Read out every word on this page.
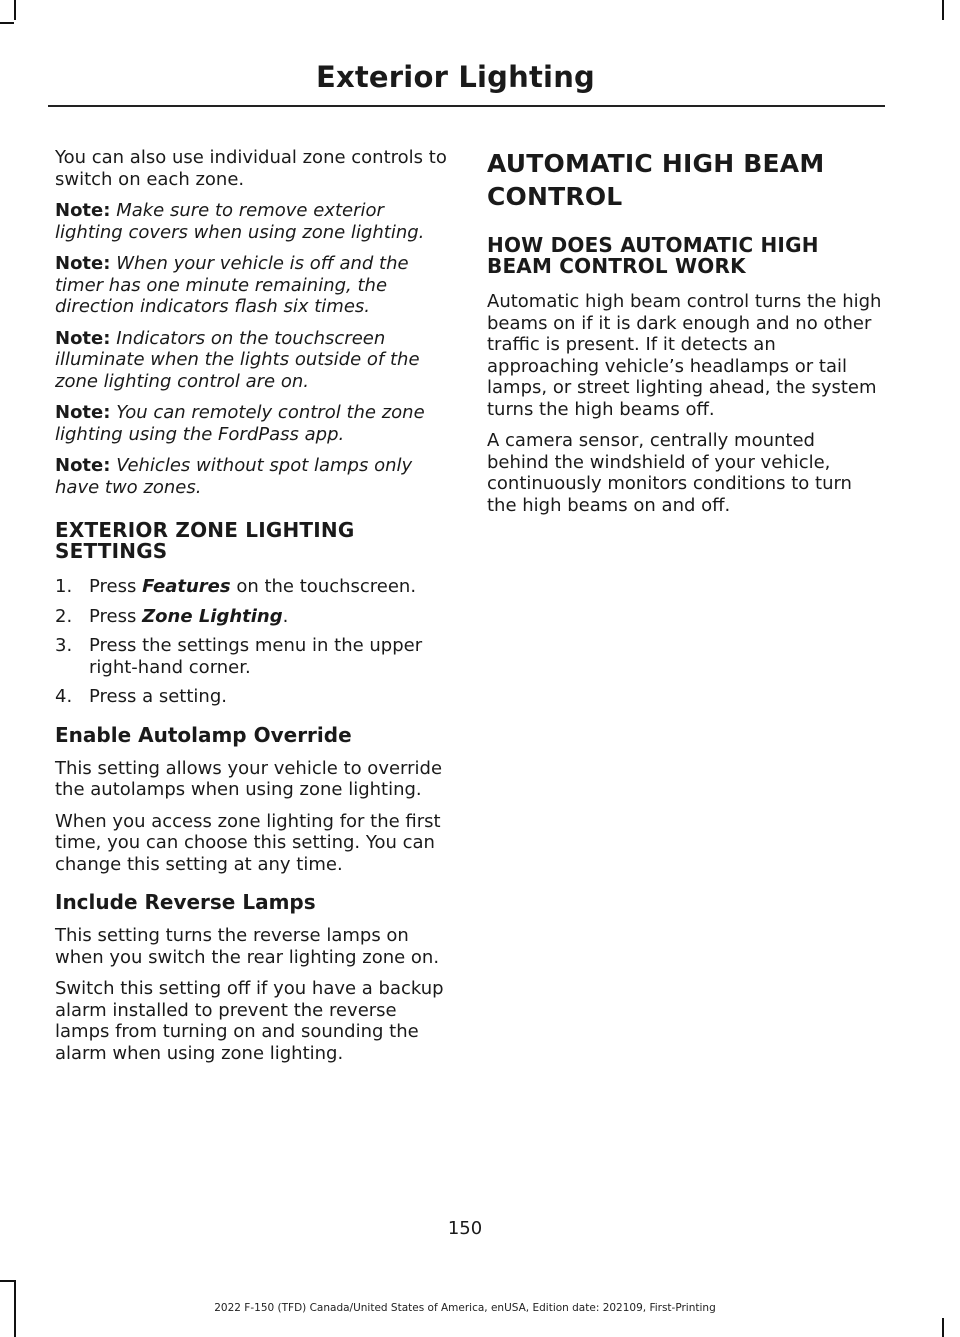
Exterior Lighting

You can also use individual zone controls to switch on each zone.

Note: Make sure to remove exterior lighting covers when using zone lighting.
Note: When your vehicle is off and the timer has one minute remaining, the direction indicators flash six times.
Note: Indicators on the touchscreen illuminate when the lights outside of the zone lighting control are on.
Note: You can remotely control the zone lighting using the FordPass app.
Note: Vehicles without spot lamps only have two zones.
EXTERIOR ZONE LIGHTING SETTINGS
1. Press Features on the touchscreen.
2. Press Zone Lighting.
3. Press the settings menu in the upper right-hand corner.
4. Press a setting.
Enable Autolamp Override

This setting allows your vehicle to override the autolamps when using zone lighting.

When you access zone lighting for the first time, you can choose this setting. You can change this setting at any time.

Include Reverse Lamps

This setting turns the reverse lamps on when you switch the rear lighting zone on.

Switch this setting off if you have a backup alarm installed to prevent the reverse lamps from turning on and sounding the alarm when using zone lighting.

AUTOMATIC HIGH BEAM CONTROL
HOW DOES AUTOMATIC HIGH BEAM CONTROL WORK

Automatic high beam control turns the high beams on if it is dark enough and no other traffic is present. If it detects an approaching vehicle’s headlamps or tail lamps, or street lighting ahead, the system turns the high beams off.

A camera sensor, centrally mounted behind the windshield of your vehicle, continuously monitors conditions to turn the high beams on and off.

150
2022 F-150 (TFD) Canada/United States of America, enUSA, Edition date: 202109, First-Printing
